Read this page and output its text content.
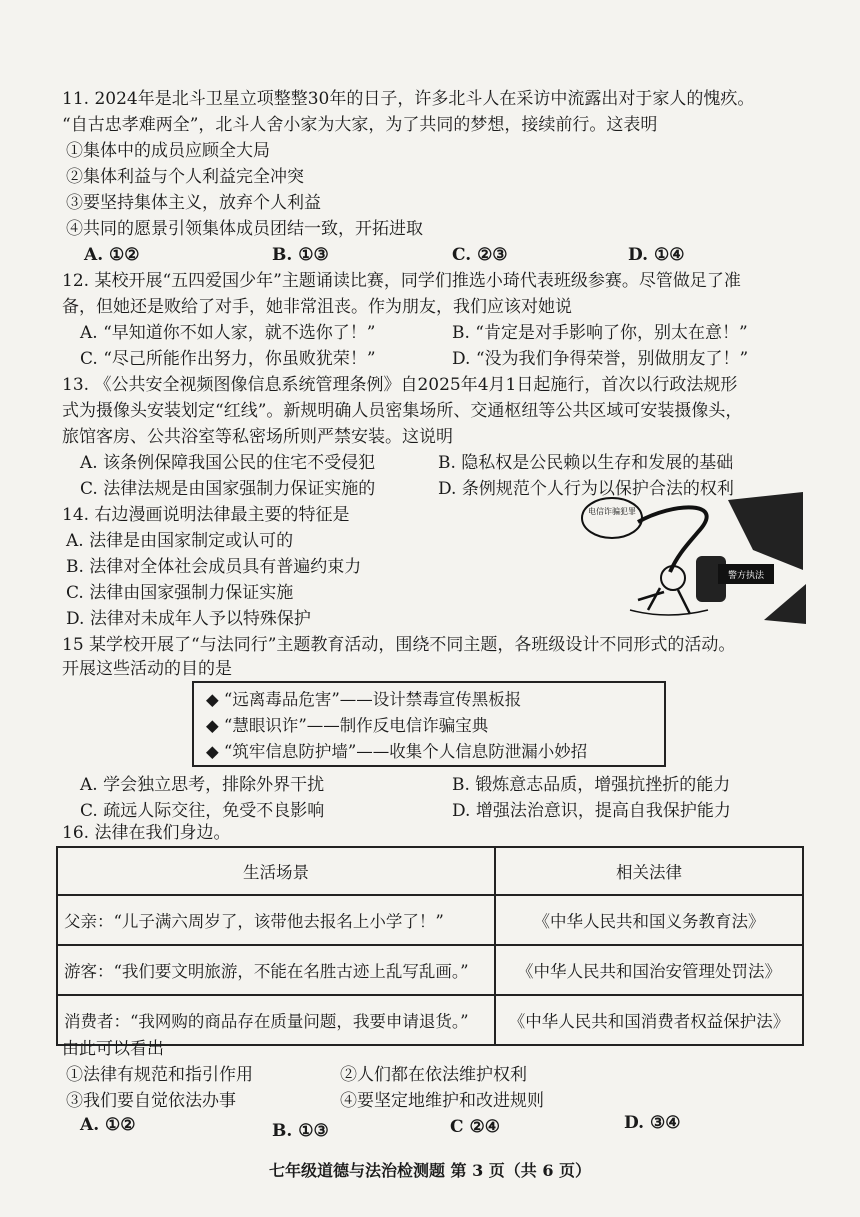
11. 2024年是北斗卫星立项整整30年的日子，许多北斗人在采访中流露出对于家人的愧疚。
“自古忠孝难两全”，北斗人舍小家为大家，为了共同的梦想，接续前行。这表明
①集体中的成员应顾全大局
②集体利益与个人利益完全冲突
③要坚持集体主义，放弃个人利益
④共同的愿景引领集体成员团结一致，开拓进取
A. ①②	B. ①③	C. ②③	D. ①④
12. 某校开展“五四爱国少年”主题诵读比赛，同学们推选小琦代表班级参赛。尽管做足了准
备，但她还是败给了对手，她非常沮丧。作为朋友，我们应该对她说
A. “早知道你不如人家，就不选你了！”	B. “肯定是对手影响了你，别太在意！”
C. “尽己所能作出努力，你虽败犹荣！”	D. “没为我们争得荣誉，别做朋友了！”
13. 《公共安全视频图像信息系统管理条例》自2025年4月1日起施行，首次以行政法规形
式为摄像头安装划定“红线”。新规明确人员密集场所、交通枢纽等公共区域可安装摄像头，
旅馆客房、公共浴室等私密场所则严禁安装。这说明
A. 该条例保障我国公民的住宅不受侵犯	B. 隐私权是公民赖以生存和发展的基础
C. 法律法规是由国家强制力保证实施的	D. 条例规范个人行为以保护合法的权利
14. 右边漫画说明法律最主要的特征是
A. 法律是由国家制定或认可的
B. 法律对全体社会成员具有普遍约束力
C. 法律由国家强制力保证实施
D. 法律对未成年人予以特殊保护
电信诈骗犯罪
警方执法
15 某学校开展了“与法同行”主题教育活动，围绕不同主题，各班级设计不同形式的活动。
开展这些活动的目的是
◆ “远离毒品危害”——设计禁毒宣传黑板报
◆ “慧眼识诈”——制作反电信诈骗宝典
◆ “筑牢信息防护墙”——收集个人信息防泄漏小妙招
A. 学会独立思考，排除外界干扰	B. 锻炼意志品质，增强抗挫折的能力
C. 疏远人际交往，免受不良影响	D. 增强法治意识，提高自我保护能力
16. 法律在我们身边。
生活场景	相关法律
父亲：“儿子满六周岁了，该带他去报名上小学了！”	《中华人民共和国义务教育法》
游客：“我们要文明旅游，不能在名胜古迹上乱写乱画。”	《中华人民共和国治安管理处罚法》
消费者：“我网购的商品存在质量问题，我要申请退货。”	《中华人民共和国消费者权益保护法》
由此可以看出
①法律有规范和指引作用	②人们都在依法维护权利
③我们要自觉依法办事	④要坚定地维护和改进规则
A. ①②	B. ①③	C ②④	D. ③④
七年级道德与法治检测题 第 3 页（共 6 页）
